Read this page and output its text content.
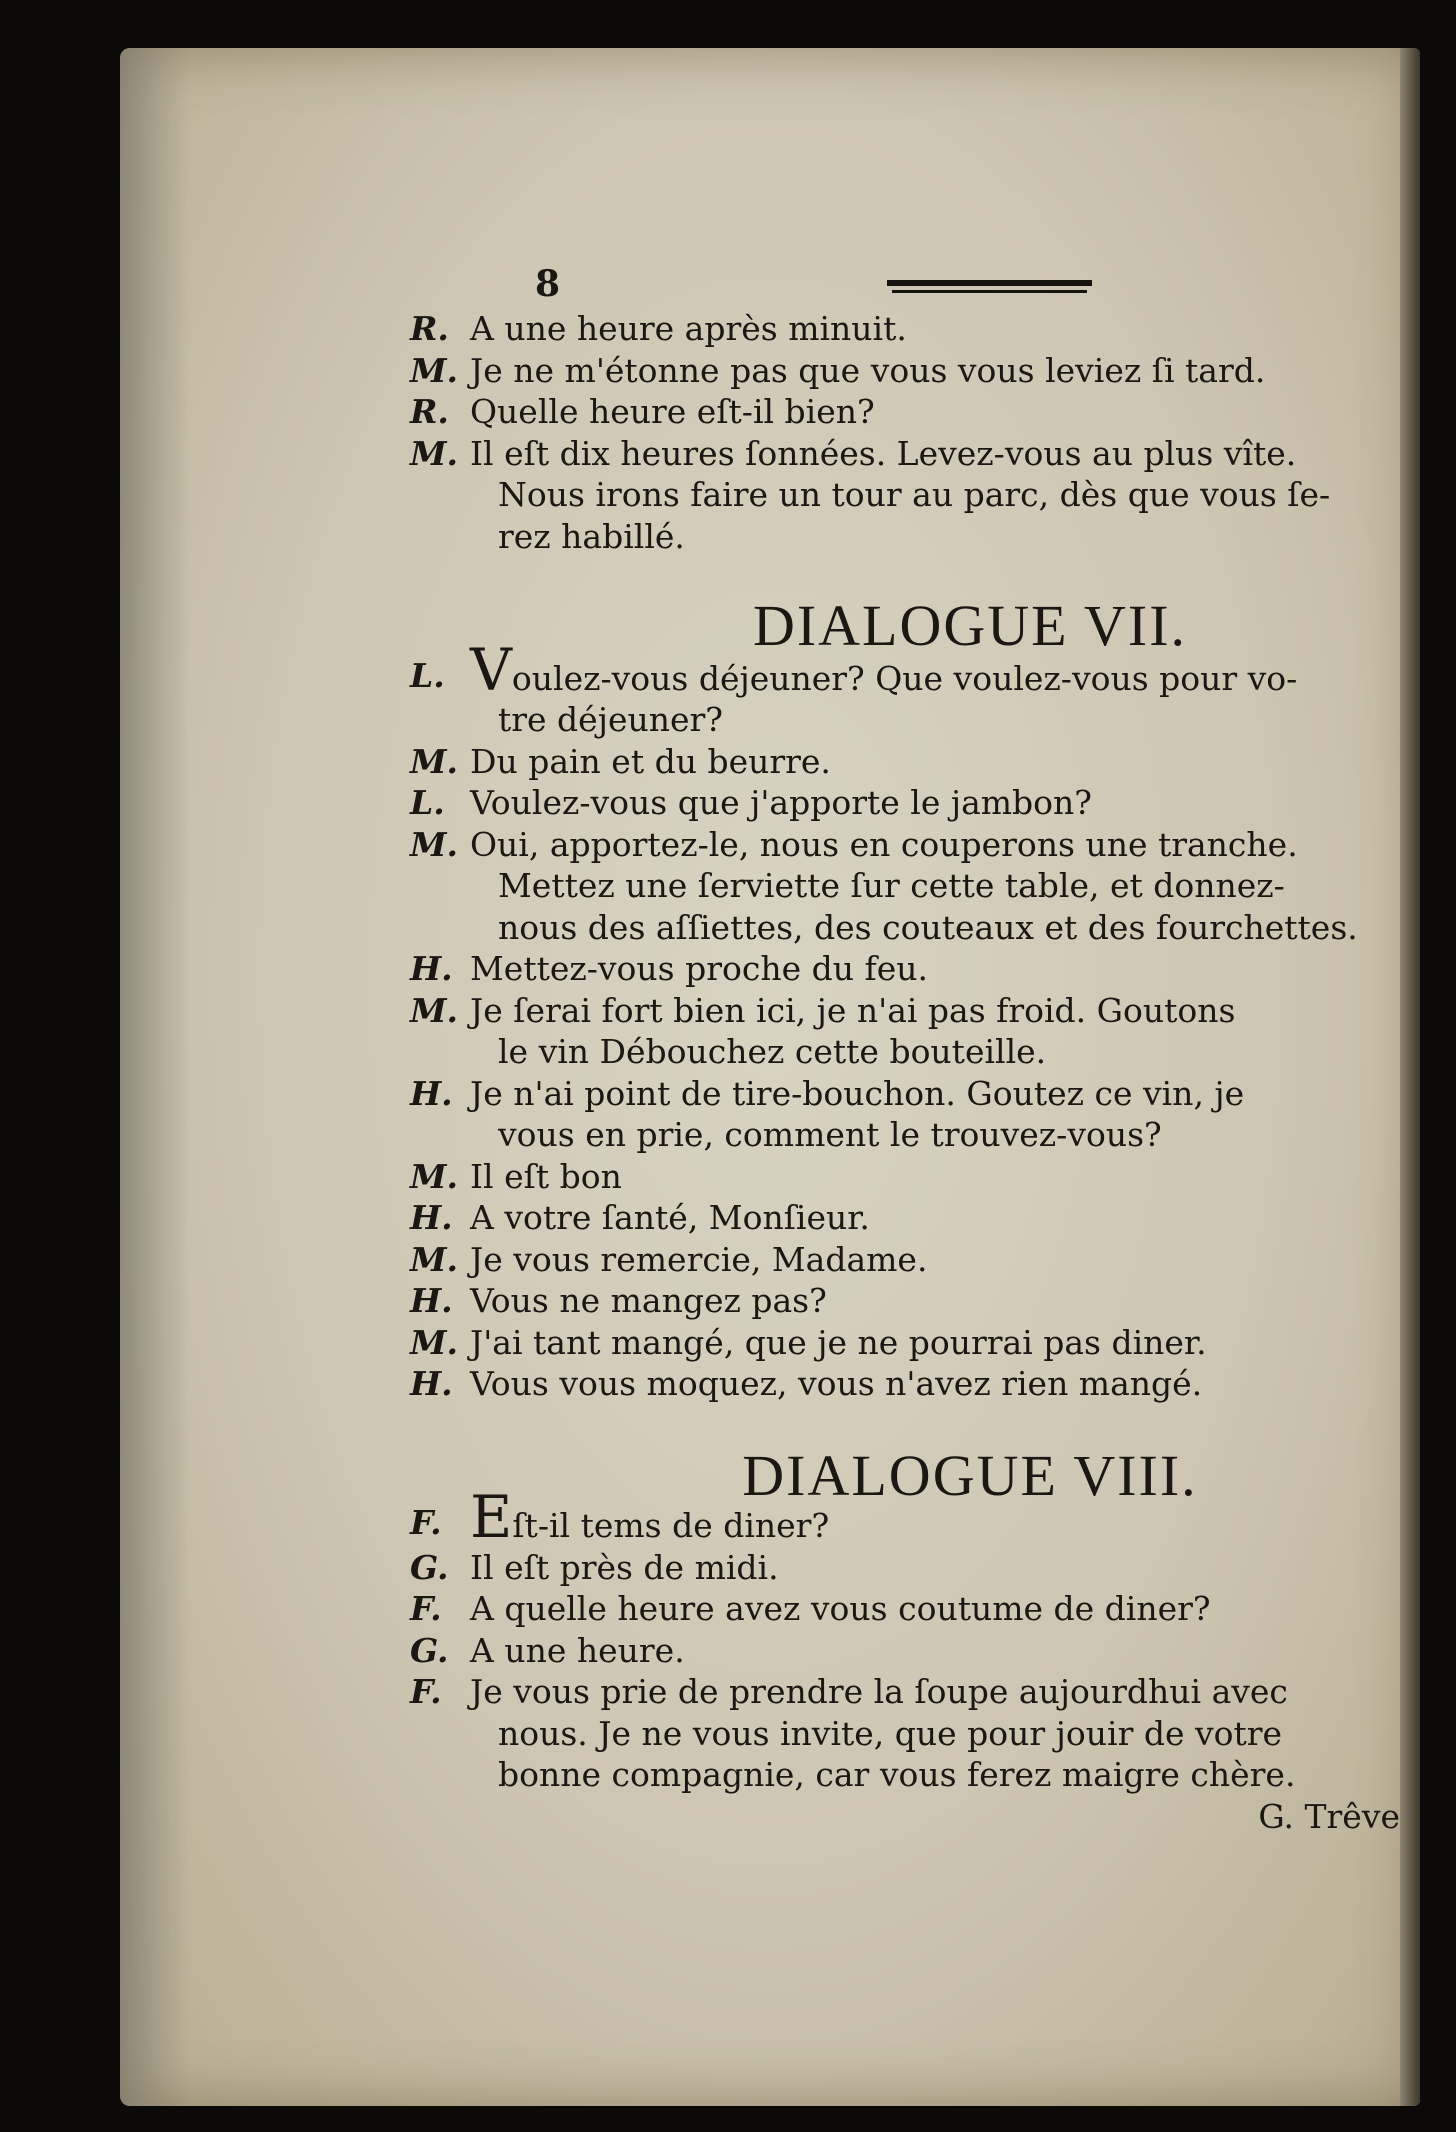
8
R. A une heure après minuit.
M. Je ne m'étonne pas que vous vous leviez ſi tard.
R. Quelle heure eſt-il bien?
M. Il eſt dix heures ſonnées. Levez-vous au plus vîte.
Nous irons faire un tour au parc, dès que vous ſe-
rez habillé.
DIALOGUE VII.
L. Voulez-vous déjeuner? Que voulez-vous pour vo-
tre déjeuner?
M. Du pain et du beurre.
L. Voulez-vous que j'apporte le jambon?
M. Oui, apportez-le, nous en couperons une tranche.
Mettez une ſerviette ſur cette table, et donnez-
nous des aſſiettes, des couteaux et des fourchettes.
H. Mettez-vous proche du feu.
M. Je ſerai fort bien ici, je n'ai pas froid. Goutons
le vin Débouchez cette bouteille.
H. Je n'ai point de tire-bouchon. Goutez ce vin, je
vous en prie, comment le trouvez-vous?
M. Il eſt bon
H. A votre ſanté, Monſieur.
M. Je vous remercie, Madame.
H. Vous ne mangez pas?
M. J'ai tant mangé, que je ne pourrai pas diner.
H. Vous vous moquez, vous n'avez rien mangé.
DIALOGUE VIII.
F. Eſt-il tems de diner?
G. Il eſt près de midi.
F. A quelle heure avez vous coutume de diner?
G. A une heure.
F. Je vous prie de prendre la ſoupe aujourdhui avec
nous. Je ne vous invite, que pour jouir de votre
bonne compagnie, car vous ferez maigre chère.
G. Trêve
